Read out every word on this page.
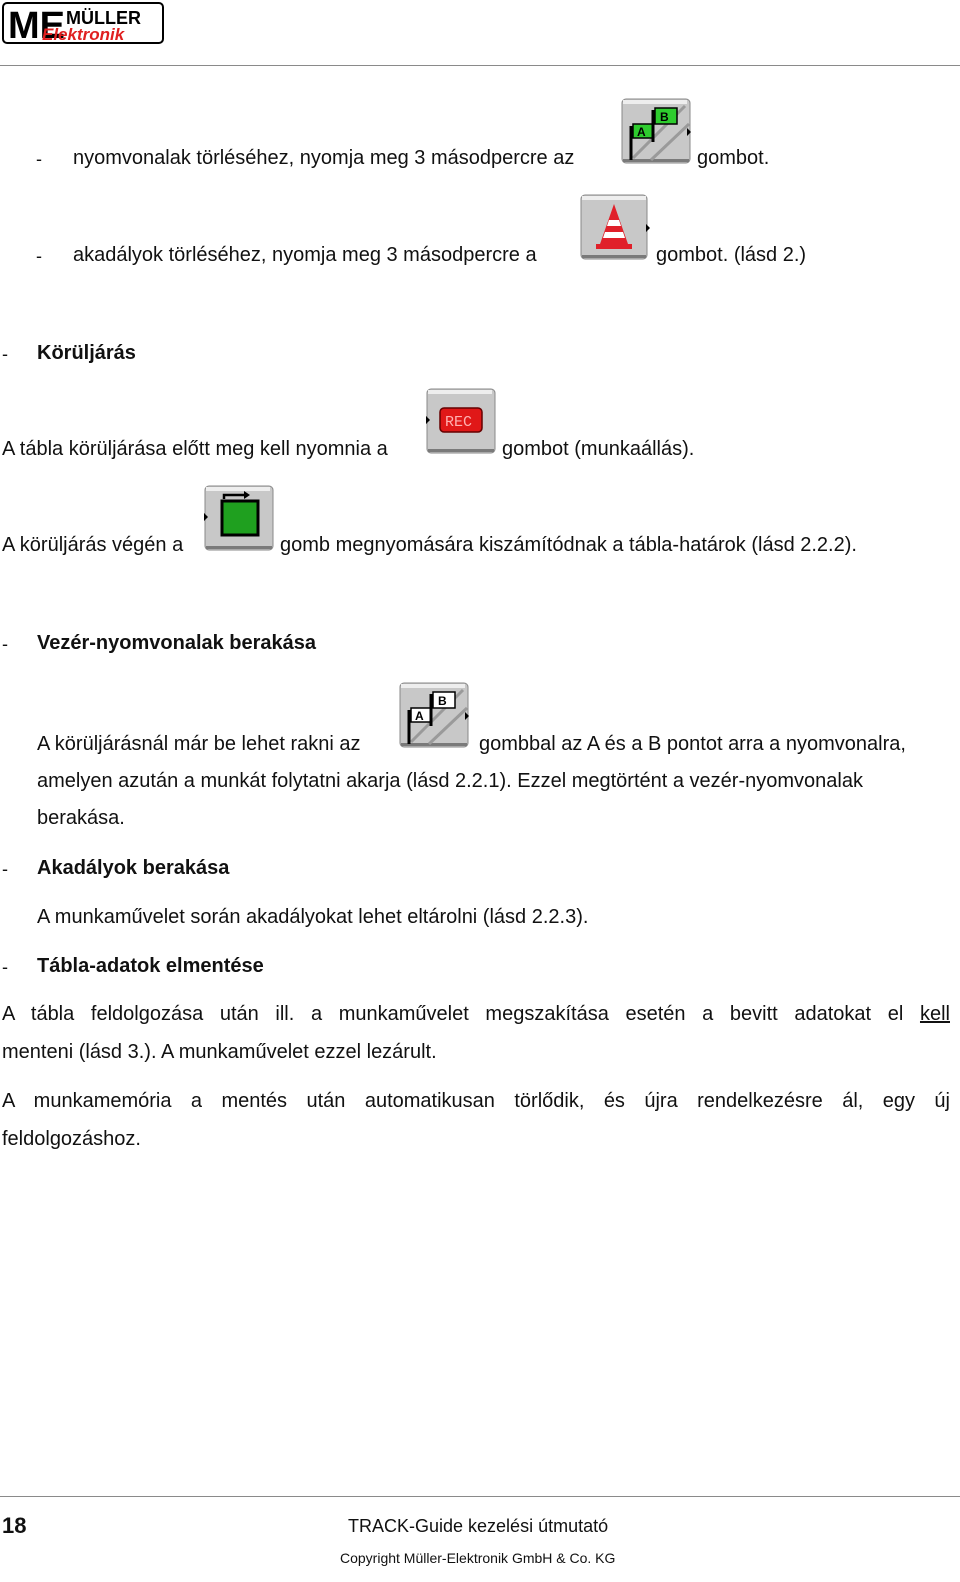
ME MÜLLER
Elektronik
- nyomvonalak törléséhez, nyomja meg 3 másodpercre az
A
B
gombot.
- akadályok törléséhez, nyomja meg 3 másodpercre a	gombot. (lásd 2.)
- Körüljárás
A tábla körüljárása előtt meg kell nyomnia a
REC
gombot (munkaállás).
A körüljárás végén a	gomb megnyomására kiszámítódnak a tábla-határok (lásd 2.2.2).
- Vezér-nyomvonalak berakása
A körüljárásnál már be lehet rakni az
A
B
gombbal az A és a B pontot arra a nyomvonalra,
amelyen azután a munkát folytatni akarja (lásd 2.2.1). Ezzel megtörtént a vezér-nyomvonalak
berakása.
- Akadályok berakása
A munkaművelet során akadályokat lehet eltárolni (lásd 2.2.3).
- Tábla-adatok elmentése
A tábla feldolgozása után ill. a munkaművelet megszakítása esetén a bevitt adatokat el kell
menteni (lásd 3.). A munkaművelet ezzel lezárult.
A munkamemória a mentés után automatikusan törlődik, és újra rendelkezésre ál, egy új
feldolgozáshoz.
18	TRACK-Guide kezelési útmutató
Copyright Müller-Elektronik GmbH & Co. KG
